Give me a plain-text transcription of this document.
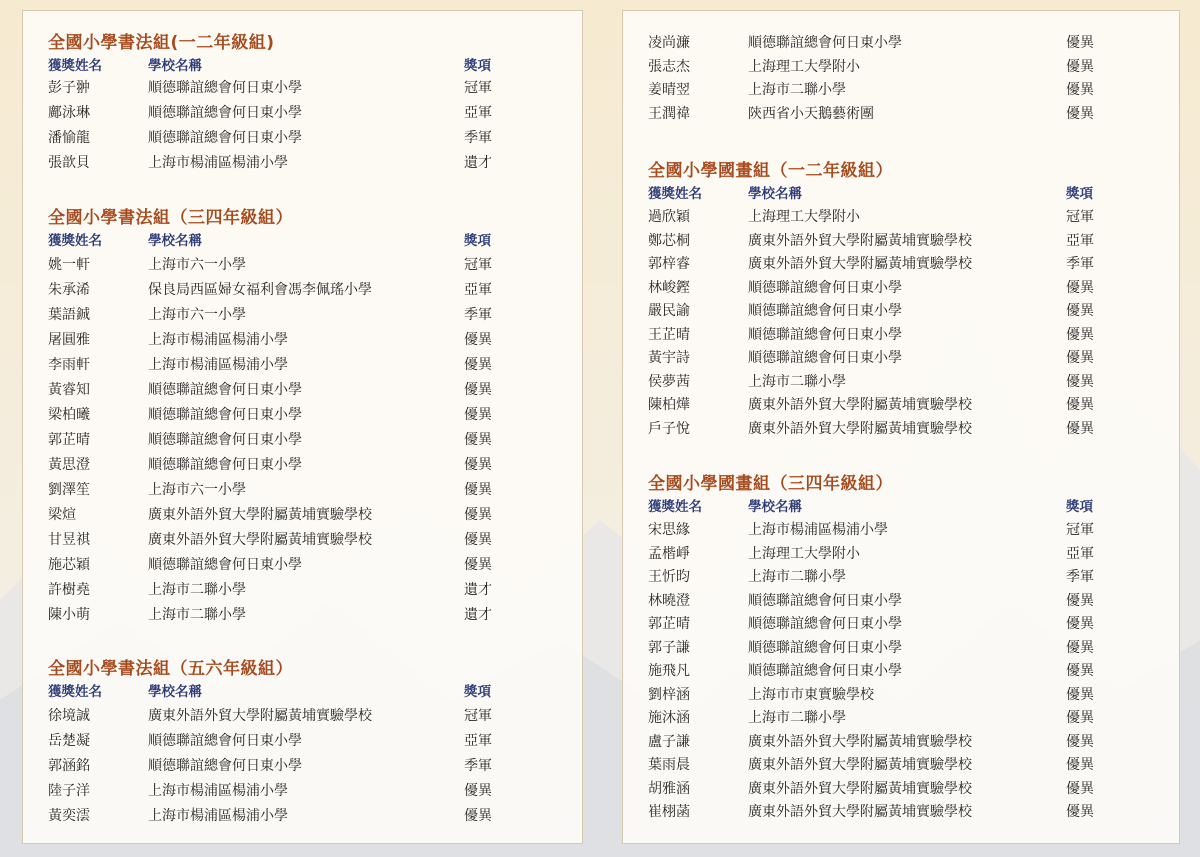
全國小學書法組(一二年級組)
獲獎姓名	學校名稱	獎項
彭子翀	順德聯誼總會何日東小學	冠軍
鄺泳琳	順德聯誼總會何日東小學	亞軍
潘愉龍	順德聯誼總會何日東小學	季軍
張歆貝	上海市楊浦區楊浦小學	遺才
全國小學書法組（三四年級組）
獲獎姓名	學校名稱	獎項
姚一軒	上海市六一小學	冠軍
朱承浠	保良局西區婦女福利會馮李佩瑤小學	亞軍
葉語鋮	上海市六一小學	季軍
屠圓雅	上海市楊浦區楊浦小學	優異
李雨軒	上海市楊浦區楊浦小學	優異
黃睿知	順德聯誼總會何日東小學	優異
梁柏曦	順德聯誼總會何日東小學	優異
郭芷晴	順德聯誼總會何日東小學	優異
黃思澄	順德聯誼總會何日東小學	優異
劉澤笙	上海市六一小學	優異
梁煊	廣東外語外貿大學附屬黃埔實驗學校	優異
甘昱祺	廣東外語外貿大學附屬黃埔實驗學校	優異
施芯穎	順德聯誼總會何日東小學	優異
許樹堯	上海市二聯小學	遺才
陳小萌	上海市二聯小學	遺才
全國小學書法組（五六年級組）
獲獎姓名	學校名稱	獎項
徐境誠	廣東外語外貿大學附屬黃埔實驗學校	冠軍
岳楚凝	順德聯誼總會何日東小學	亞軍
郭涵銘	順德聯誼總會何日東小學	季軍
陸子洋	上海市楊浦區楊浦小學	優異
黃奕澐	上海市楊浦區楊浦小學	優異
凌尚濂	順德聯誼總會何日東小學	優異
張志杰	上海理工大學附小	優異
姜晴翌	上海市二聯小學	優異
王潤禕	陝西省小天鵝藝術團	優異
全國小學國畫組（一二年級組）
獲獎姓名	學校名稱	獎項
過欣穎	上海理工大學附小	冠軍
鄭芯桐	廣東外語外貿大學附屬黃埔實驗學校	亞軍
郭梓睿	廣東外語外貿大學附屬黃埔實驗學校	季軍
林峻鏗	順德聯誼總會何日東小學	優異
嚴民諭	順德聯誼總會何日東小學	優異
王芷晴	順德聯誼總會何日東小學	優異
黃宇詩	順德聯誼總會何日東小學	優異
侯夢茜	上海市二聯小學	優異
陳柏燁	廣東外語外貿大學附屬黃埔實驗學校	優異
戶子悅	廣東外語外貿大學附屬黃埔實驗學校	優異
全國小學國畫組（三四年級組）
獲獎姓名	學校名稱	獎項
宋思緣	上海市楊浦區楊浦小學	冠軍
孟楷崢	上海理工大學附小	亞軍
王忻昀	上海市二聯小學	季軍
林曉澄	順德聯誼總會何日東小學	優異
郭芷晴	順德聯誼總會何日東小學	優異
郭子謙	順德聯誼總會何日東小學	優異
施飛凡	順德聯誼總會何日東小學	優異
劉梓涵	上海市市東實驗學校	優異
施沐涵	上海市二聯小學	優異
盧子謙	廣東外語外貿大學附屬黃埔實驗學校	優異
葉雨晨	廣東外語外貿大學附屬黃埔實驗學校	優異
胡雅涵	廣東外語外貿大學附屬黃埔實驗學校	優異
崔栩菡	廣東外語外貿大學附屬黃埔實驗學校	優異
